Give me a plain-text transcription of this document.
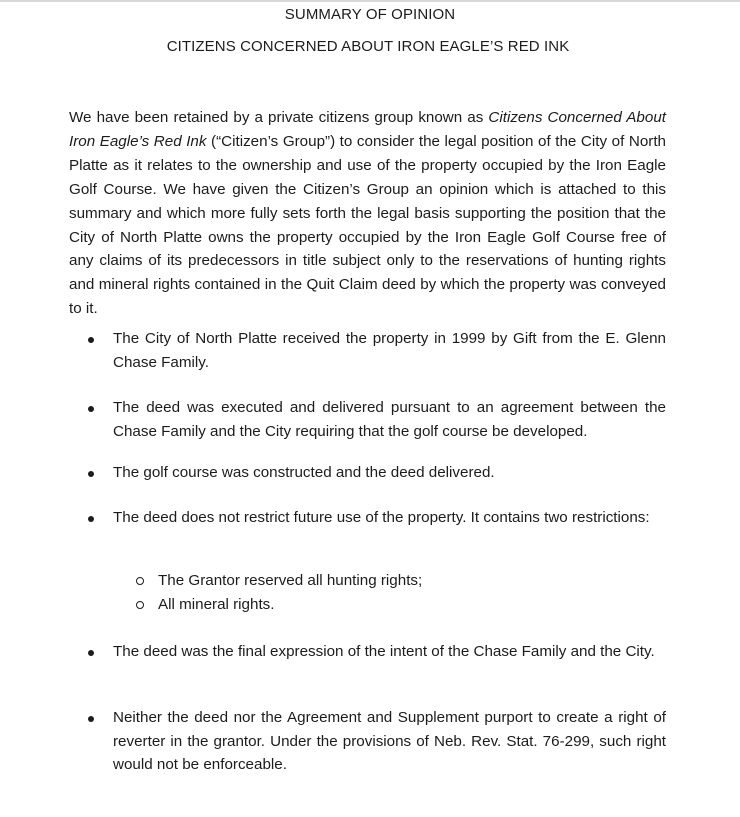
SUMMARY OF OPINION
CITIZENS CONCERNED ABOUT IRON EAGLE’S RED INK

We have been retained by a private citizens group known as Citizens Concerned About Iron Eagle’s Red Ink (“Citizen’s Group”) to consider the legal position of the City of North Platte as it relates to the ownership and use of the property occupied by the Iron Eagle Golf Course. We have given the Citizen’s Group an opinion which is attached to this summary and which more fully sets forth the legal basis supporting the position that the City of North Platte owns the property occupied by the Iron Eagle Golf Course free of any claims of its predecessors in title subject only to the reservations of hunting rights and mineral rights contained in the Quit Claim deed by which the property was conveyed to it.

The City of North Platte received the property in 1999 by Gift from the E. Glenn Chase Family.
The deed was executed and delivered pursuant to an agreement between the Chase Family and the City requiring that the golf course be developed.
The golf course was constructed and the deed delivered.
The deed does not restrict future use of the property. It contains two restrictions:
The Grantor reserved all hunting rights;
All mineral rights.
The deed was the final expression of the intent of the Chase Family and the City.
Neither the deed nor the Agreement and Supplement purport to create a right of reverter in the grantor. Under the provisions of Neb. Rev. Stat. 76-299, such right would not be enforceable.
